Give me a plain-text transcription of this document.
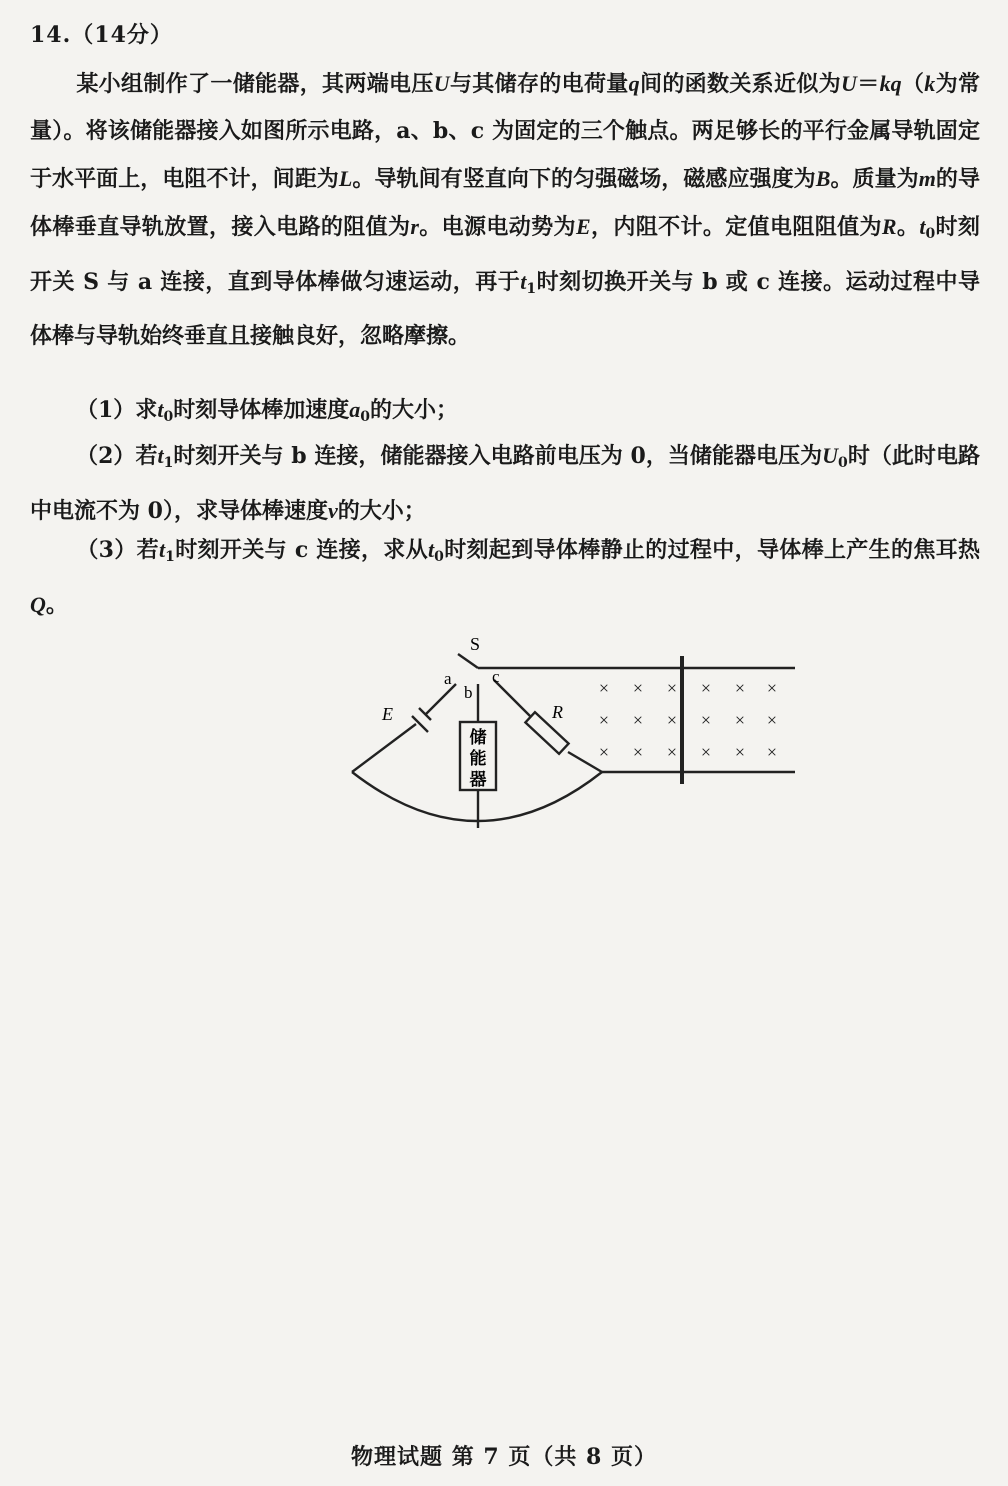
14.（14分）
某小组制作了一储能器，其两端电压U与其储存的电荷量q间的函数关系近似为U＝kq（k为常量）。将该储能器接入如图所示电路，a、b、c 为固定的三个触点。两足够长的平行金属导轨固定于水平面上，电阻不计，间距为L。导轨间有竖直向下的匀强磁场，磁感应强度为B。质量为m的导体棒垂直导轨放置，接入电路的阻值为r。电源电动势为E，内阻不计。定值电阻阻值为R。$t_0$时刻开关 S 与 a 连接，直到导体棒做匀速运动，再于$t_1$时刻切换开关与 b 或 c 连接。运动过程中导体棒与导轨始终垂直且接触良好，忽略摩擦。
（1）求$t_0$时刻导体棒加速度$a_0$的大小；
（2）若$t_1$时刻开关与 b 连接，储能器接入电路前电压为 0，当储能器电压为$U_0$时（此时电路中电流不为 0），求导体棒速度v的大小；
（3）若$t_1$时刻开关与 c 连接，求从$t_0$时刻起到导体棒静止的过程中，导体棒上产生的焦耳热Q。
储
能
器
S
a
b
c
E	R
× × × × × ×
× × × × × ×
× × × × × ×
物理试题 第 7 页（共 8 页）
